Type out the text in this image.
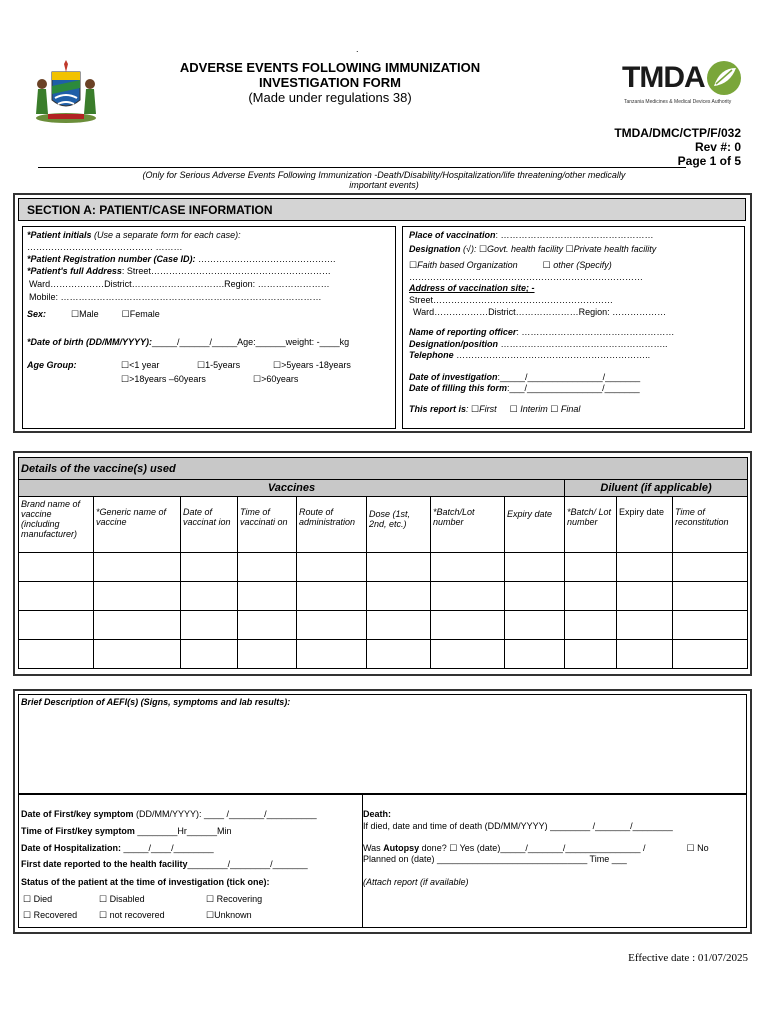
.
ADVERSE EVENTS FOLLOWING IMMUNIZATION
INVESTIGATION FORM
(Made under regulations 38)
TMDA
Tanzania Medicines & Medical Devices Authority
TMDA/DMC/CTP/F/032
Rev #: 0
Page 1 of 5
(Only for Serious Adverse Events Following Immunization -Death/Disability/Hospitalization/life threatening/other medically
important events)
SECTION A: PATIENT/CASE INFORMATION
*Patient initials (Use a separate form for each case):
…………………………………… ………
*Patient Registration number (Case ID): ……………………………………….
*Patient's full Address: Street……………………………………………………
Ward………………District………………………….Region: ……………………
Mobile: ……………………………………………………………………………
Sex:	☐Male	☐Female
*Date of birth (DD/MM/YYYY):_____/______/_____Age:______weight: -____kg
Age Group:	☐<1 year	☐1-5years	☐>5years -18years
☐>18years –60years	☐>60years
Place of vaccination: ……………………………………………
Designation (√): ☐Govt. health facility ☐Private health facility
☐Faith based Organization	☐ other (Specify)
……………………………………………………………………
Address of vaccination site; -
Street……………………………………………………
Ward………………District…………………Region: ………………
Name of reporting officer: ……………………………………………
Designation/position ………………………………………………..
Telephone ………………………………………………………..
Date of investigation:_____/_______________/_______
Date of filling this form:___/_______________/_______
This report is: ☐First ☐ Interim ☐ Final
Details of the vaccine(s) used										
Vaccines								Diluent (if applicable)		
Brand name of vaccine (including manufacturer)	*Generic name of vaccine	Date of vaccinat ion	Time of vaccinati on	Route of administration	Dose (1st, 2nd, etc.)	*Batch/Lot number	Expiry date	*Batch/ Lot number	Expiry date	Time of reconstitution

Brief Description of AEFI(s) (Signs, symptoms and lab results):
Date of First/key symptom (DD/MM/YYYY): ____ /_______/__________
Time of First/key symptom ________Hr______Min
Date of Hospitalization: _____/____/________
First date reported to the health facility________/________/_______
Status of the patient at the time of investigation (tick one):
☐ Died	☐ Disabled	☐ Recovering
☐ Recovered ☐ not recovered	☐Unknown
Death:
If died, date and time of death (DD/MM/YYYY) ________ /_______/________
Was Autopsy done? ☐ Yes (date)_____/_______/_______________ /	☐ No
Planned on (date) ______________________________ Time ___
(Attach report (if available)
Effective date : 01/07/2025
